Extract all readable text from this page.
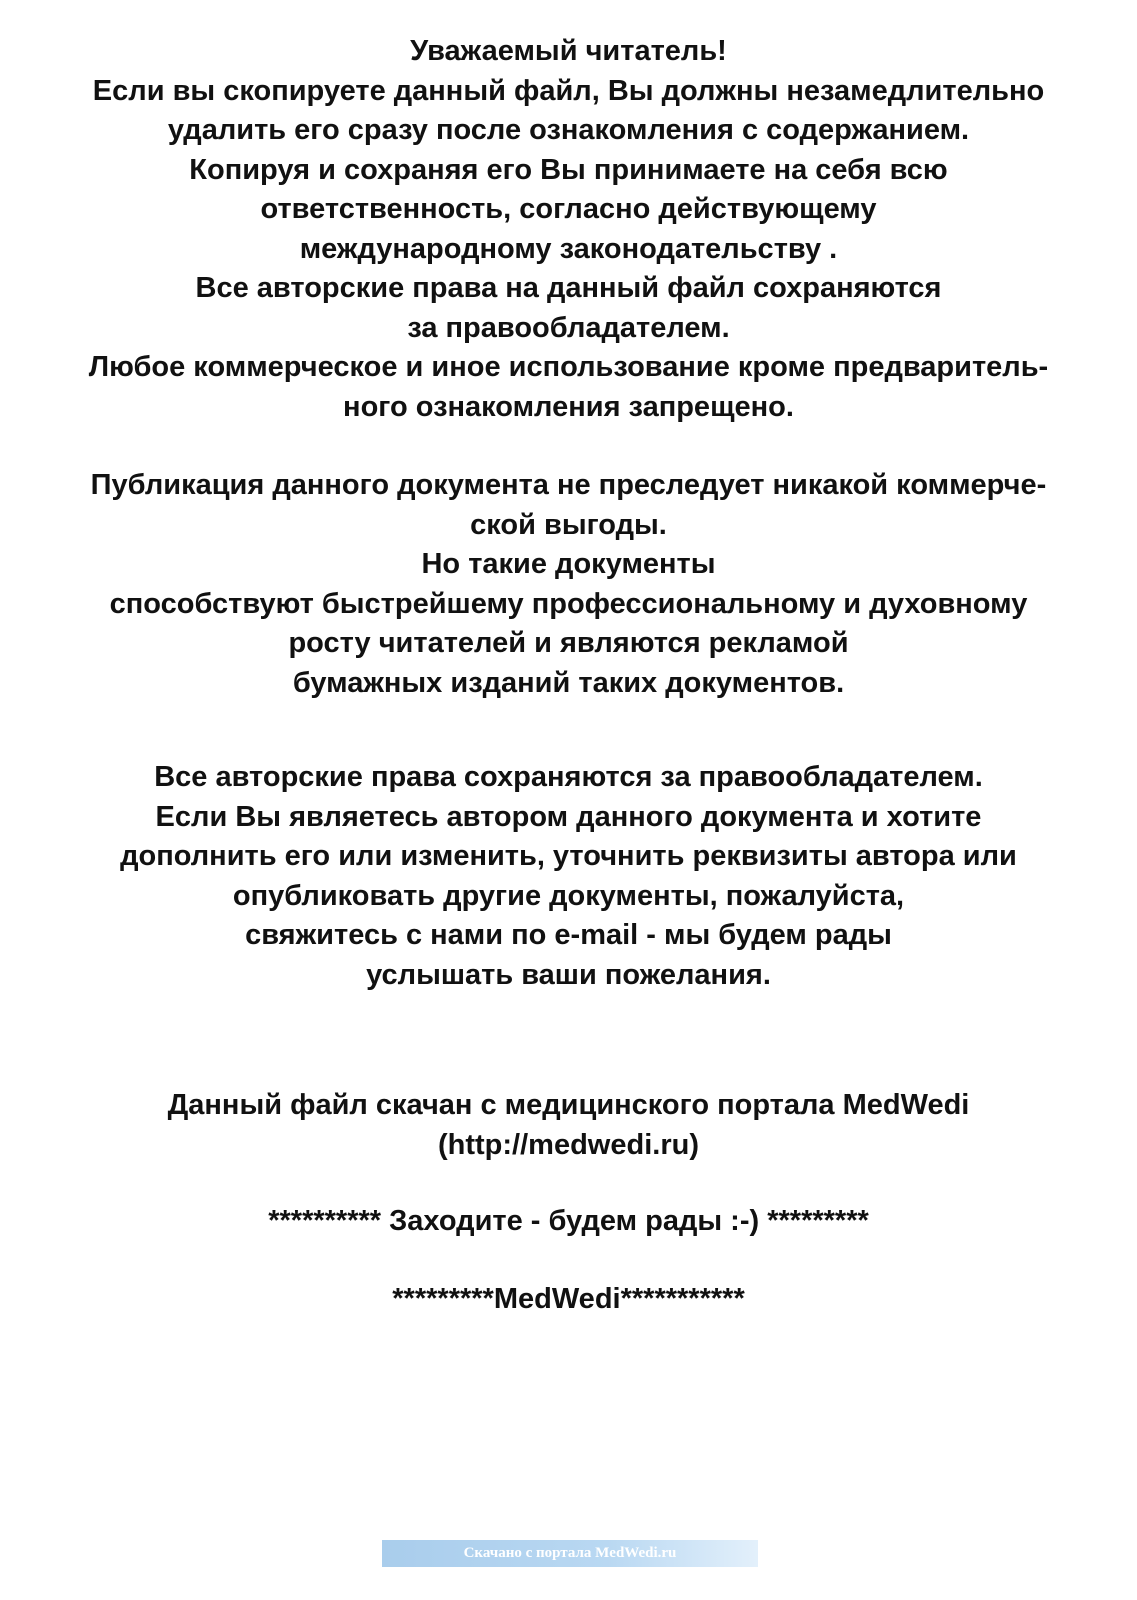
Уважаемый читатель!
Если вы скопируете данный файл, Вы должны незамедлительно
удалить его сразу после ознакомления с содержанием.
Копируя и сохраняя его Вы принимаете на себя всю
ответственность, согласно действующему
международному законодательству .
Все авторские права на данный файл сохраняются
за правообладателем.
Любое коммерческое и иное использование кроме предваритель-
ного ознакомления запрещено.
Публикация данного документа не преследует никакой коммерче-
ской выгоды.
Но такие документы
способствуют быстрейшему профессиональному и духовному
росту читателей и являются рекламой
бумажных изданий таких документов.
Все авторские права сохраняются за правообладателем.
Если Вы являетесь автором данного документа и хотите
дополнить его или изменить, уточнить реквизиты автора или
опубликовать другие документы, пожалуйста,
свяжитесь с нами по e-mail - мы будем рады
услышать ваши пожелания.
Данный файл скачан с медицинского портала MedWedi
(http://medwedi.ru)
********** Заходите - будем рады :-) *********
*********MedWedi***********
Скачано с портала MedWedi.ru
